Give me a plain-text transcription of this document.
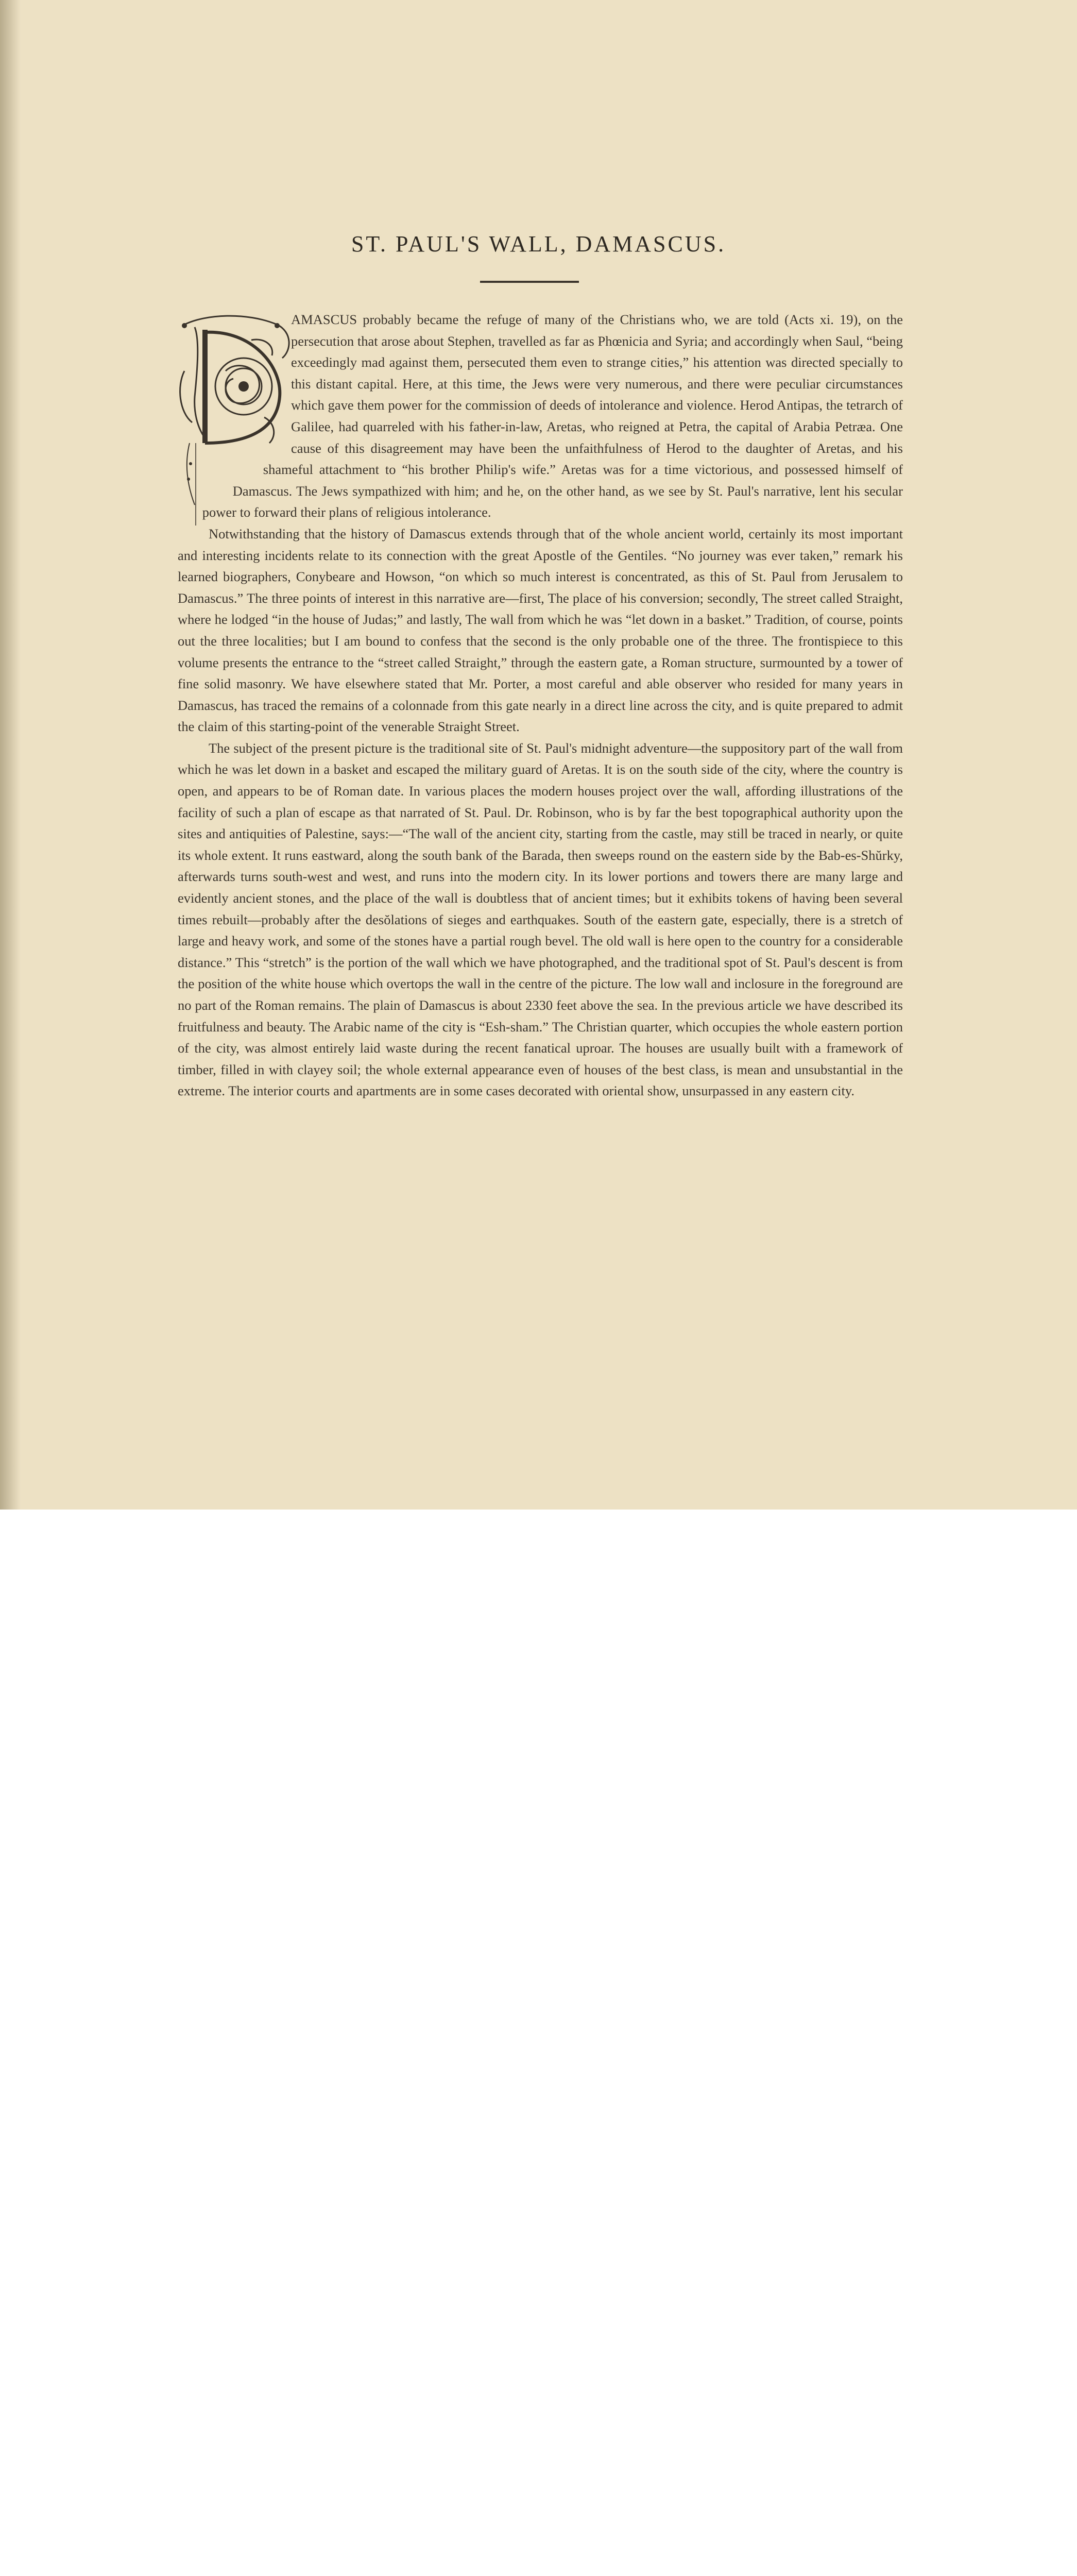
ST. PAUL'S WALL, DAMASCUS.

AMASCUS probably became the refuge of many of the Christians who, we are told (Acts xi. 19), on the persecution that arose about Stephen, travelled as far as Phœnicia and Syria; and accordingly when Saul, “being exceedingly mad against them, persecuted them even to strange cities,” his attention was directed specially to this distant capital. Here, at this time, the Jews were very numerous, and there were peculiar circumstances which gave them power for the commission of deeds of intolerance and violence. Herod Antipas, the tetrarch of Galilee, had quarreled with his father-in-law, Aretas, who reigned at Petra, the capital of Arabia Petræa. One cause of this disagreement may have been the unfaithfulness of Herod to the daughter of Aretas, and his shameful attachment to “his brother Philip's wife.” Aretas was for a time victorious, and possessed himself of Damascus. The Jews sympathized with him; and he, on the other hand, as we see by St. Paul's narrative, lent his secular power to forward their plans of religious intolerance.

Notwithstanding that the history of Damascus extends through that of the whole ancient world, certainly its most important and interesting incidents relate to its connection with the great Apostle of the Gentiles. “No journey was ever taken,” remark his learned biographers, Conybeare and Howson, “on which so much interest is concentrated, as this of St. Paul from Jerusalem to Damascus.” The three points of interest in this narrative are—first, The place of his conversion; secondly, The street called Straight, where he lodged “in the house of Judas;” and lastly, The wall from which he was “let down in a basket.” Tradition, of course, points out the three localities; but I am bound to confess that the second is the only probable one of the three. The frontispiece to this volume presents the entrance to the “street called Straight,” through the eastern gate, a Roman structure, surmounted by a tower of fine solid masonry. We have elsewhere stated that Mr. Porter, a most careful and able observer who resided for many years in Damascus, has traced the remains of a colonnade from this gate nearly in a direct line across the city, and is quite prepared to admit the claim of this starting-point of the venerable Straight Street.

The subject of the present picture is the traditional site of St. Paul's midnight adventure—the suppository part of the wall from which he was let down in a basket and escaped the military guard of Aretas. It is on the south side of the city, where the country is open, and appears to be of Roman date. In various places the modern houses project over the wall, affording illustrations of the facility of such a plan of escape as that narrated of St. Paul. Dr. Robinson, who is by far the best topographical authority upon the sites and antiquities of Palestine, says:—“The wall of the ancient city, starting from the castle, may still be traced in nearly, or quite its whole extent. It runs eastward, along the south bank of the Barada, then sweeps round on the eastern side by the Bab-es-Shŭrky, afterwards turns south-west and west, and runs into the modern city. In its lower portions and towers there are many large and evidently ancient stones, and the place of the wall is doubtless that of ancient times; but it exhibits tokens of having been several times rebuilt—probably after the desŏlations of sieges and earthquakes. South of the eastern gate, especially, there is a stretch of large and heavy work, and some of the stones have a partial rough bevel. The old wall is here open to the country for a considerable distance.” This “stretch” is the portion of the wall which we have photographed, and the traditional spot of St. Paul's descent is from the position of the white house which overtops the wall in the centre of the picture. The low wall and inclosure in the foreground are no part of the Roman remains. The plain of Damascus is about 2330 feet above the sea. In the previous article we have described its fruitfulness and beauty. The Arabic name of the city is “Esh-sham.” The Christian quarter, which occupies the whole eastern portion of the city, was almost entirely laid waste during the recent fanatical uproar. The houses are usually built with a framework of timber, filled in with clayey soil; the whole external appearance even of houses of the best class, is mean and unsubstantial in the extreme. The interior courts and apartments are in some cases decorated with oriental show, unsurpassed in any eastern city.
